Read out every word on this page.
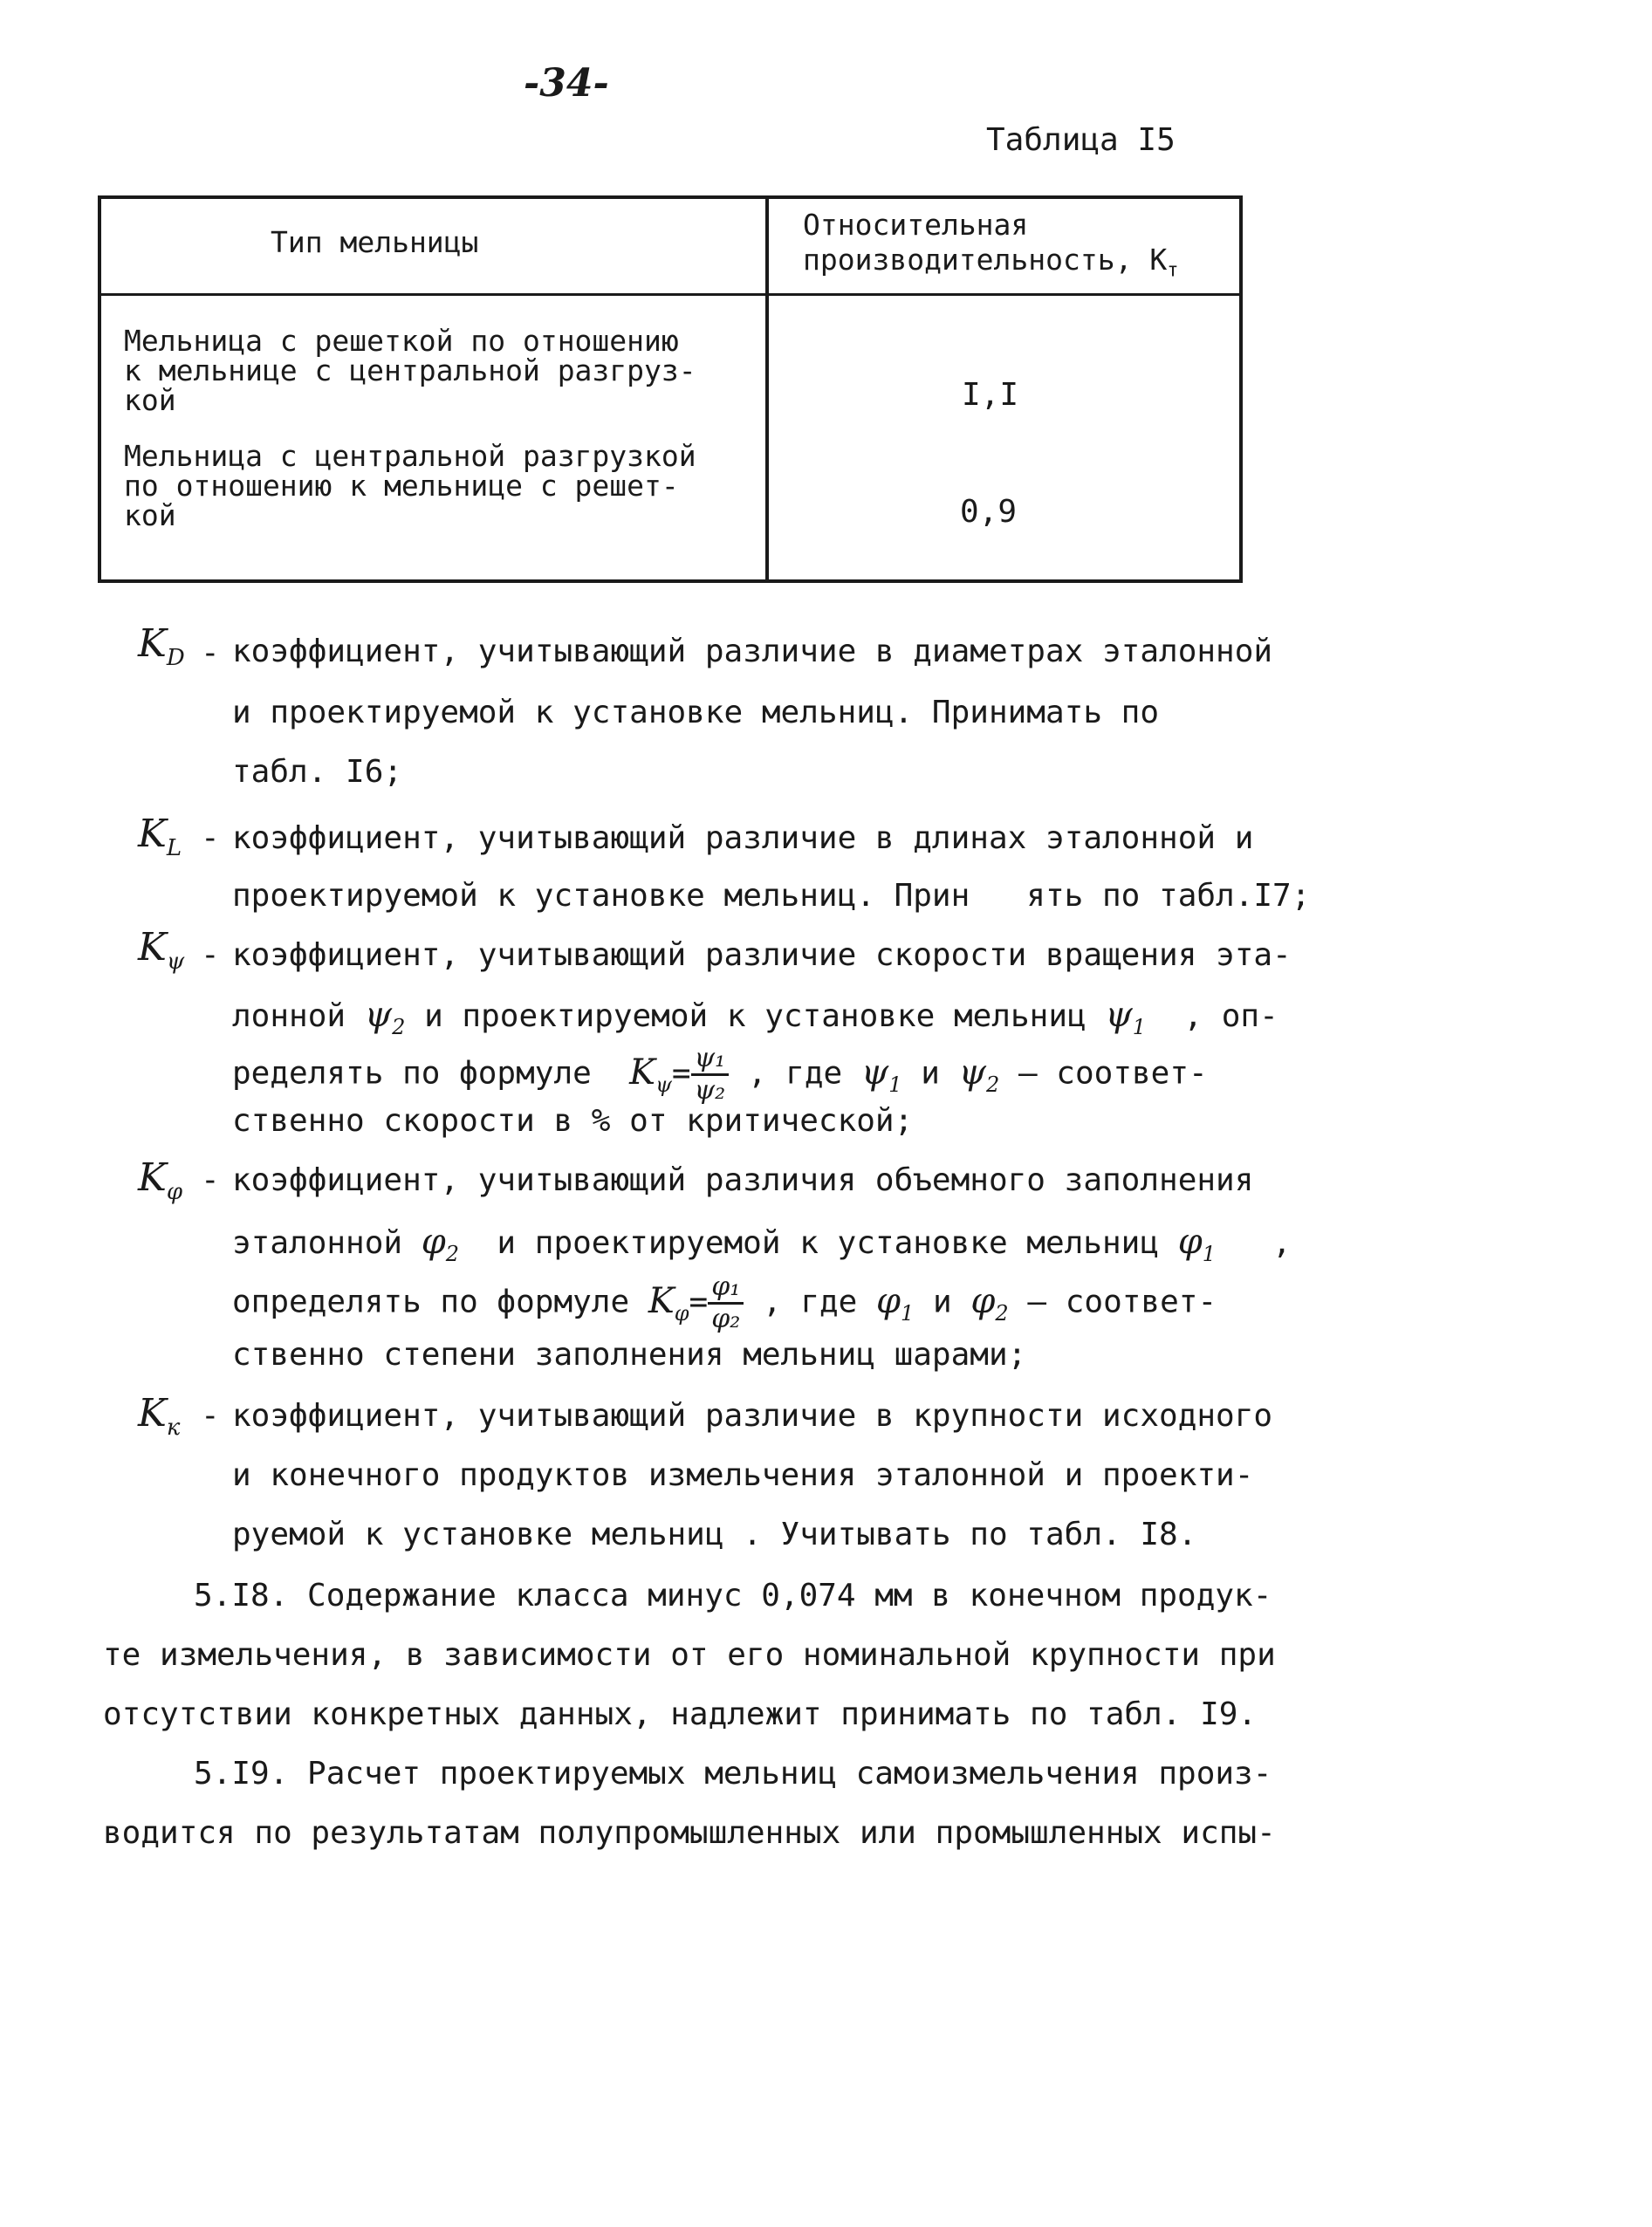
-34-
Таблица I5
Тип мельницы
Относительная
производительность, $К_т$
Мельница с решеткой по отношению
к мельнице с центральной разгруз-
кой	I,I
Мельница с центральной разгрузкой
по отношению к мельнице с решет-
кой	0,9
$K_D$ - коэффициент, учитывающий различие в диаметрах эталонной
и проектируемой к установке мельниц. Принимать по
табл. I6;
$K_L$ - коэффициент, учитывающий различие в длинах эталонной и
проектируемой к установке мельниц. Прин   ять по табл.I7;
$K_\psi$ - коэффициент, учитывающий различие скорости вращения эта-
лонной $\psi_2$ и проектируемой к установке мельниц $\psi_1$ , оп-
ределять по формуле $K_\psi= \frac{\text{ψ₁}}{\text{ψ₂}}$ , где $\psi_1$ и $\psi_2$ – соответ-
ственно скорости в % от критической;
$K_\varphi$ - коэффициент, учитывающий различия объемного заполнения
эталонной $\varphi_2$ и проектируемой к установке мельниц $\varphi_1$ ,
определять по формуле $K_\varphi= \frac{\text{φ₁}}{\text{φ₂}}$ , где $\varphi_1$ и $\varphi_2$ – соответ-
ственно степени заполнения мельниц шарами;
$K_к$ - коэффициент, учитывающий различие в крупности исходного
и конечного продуктов измельчения эталонной и проекти-
руемой к установке мельниц . Учитывать по табл. I8.
5.I8. Содержание класса минус 0,074 мм в конечном продук-
те измельчения, в зависимости от его номинальной крупности при
отсутствии конкретных данных, надлежит принимать по табл. I9.
5.I9. Расчет проектируемых мельниц самоизмельчения произ-
водится по результатам полупромышленных или промышленных испы-
